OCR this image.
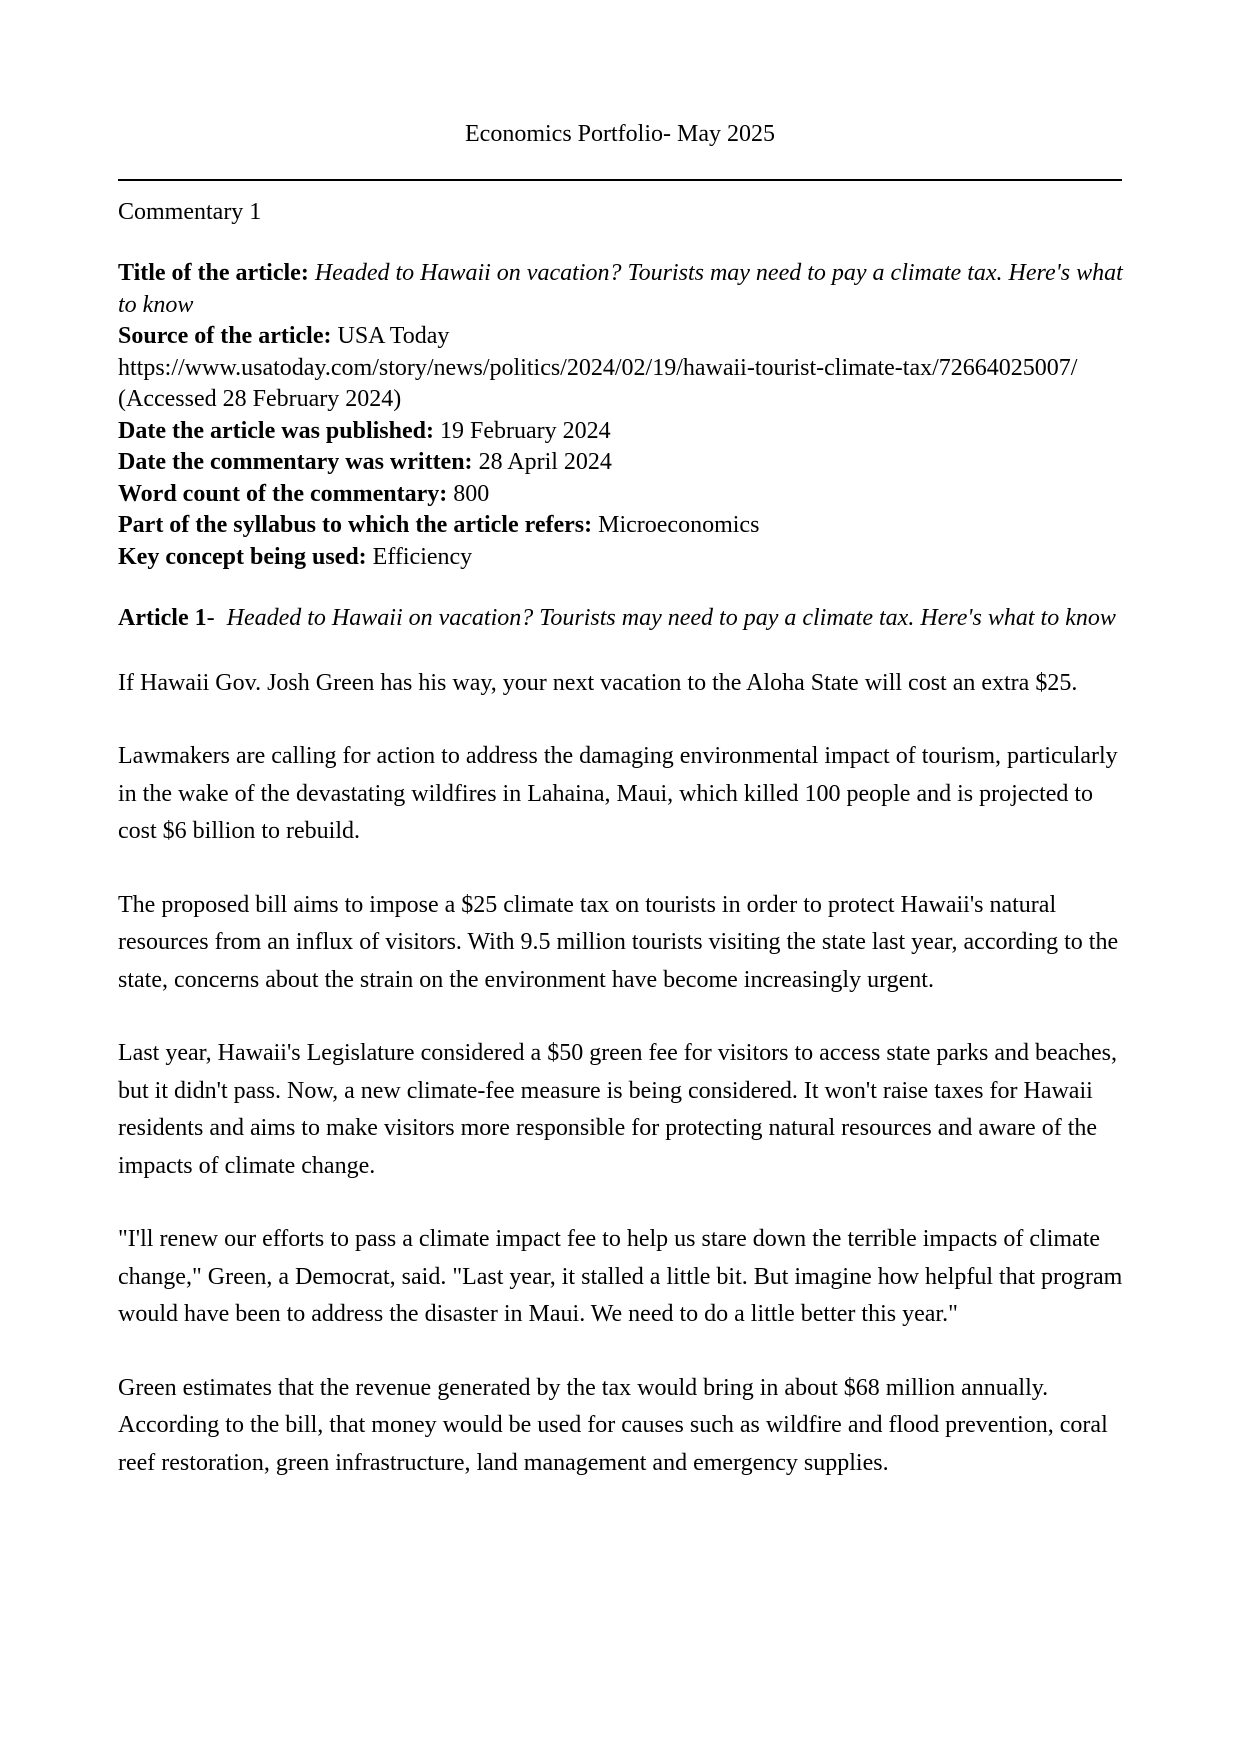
Economics Portfolio- May 2025

Commentary 1

Title of the article: Headed to Hawaii on vacation? Tourists may need to pay a climate tax. Here's what to know

Source of the article: USA Today

https://www.usatoday.com/story/news/politics/2024/02/19/hawaii-tourist-climate-tax/72664025007/

(Accessed 28 February 2024)

Date the article was published: 19 February 2024

Date the commentary was written: 28 April 2024

Word count of the commentary: 800

Part of the syllabus to which the article refers: Microeconomics

Key concept being used: Efficiency

Article 1-  Headed to Hawaii on vacation? Tourists may need to pay a climate tax. Here's what to know

If Hawaii Gov. Josh Green has his way, your next vacation to the Aloha State will cost an extra $25.

Lawmakers are calling for action to address the damaging environmental impact of tourism, particularly in the wake of the devastating wildfires in Lahaina, Maui, which killed 100 people and is projected to cost $6 billion to rebuild.

The proposed bill aims to impose a $25 climate tax on tourists in order to protect Hawaii's natural resources from an influx of visitors. With 9.5 million tourists visiting the state last year, according to the state, concerns about the strain on the environment have become increasingly urgent.

Last year, Hawaii's Legislature considered a $50 green fee for visitors to access state parks and beaches, but it didn't pass. Now, a new climate-fee measure is being considered. It won't raise taxes for Hawaii residents and aims to make visitors more responsible for protecting natural resources and aware of the impacts of climate change.

"I'll renew our efforts to pass a climate impact fee to help us stare down the terrible impacts of climate change," Green, a Democrat, said. "Last year, it stalled a little bit. But imagine how helpful that program would have been to address the disaster in Maui. We need to do a little better this year."

Green estimates that the revenue generated by the tax would bring in about $68 million annually. According to the bill, that money would be used for causes such as wildfire and flood prevention, coral reef restoration, green infrastructure, land management and emergency supplies.
